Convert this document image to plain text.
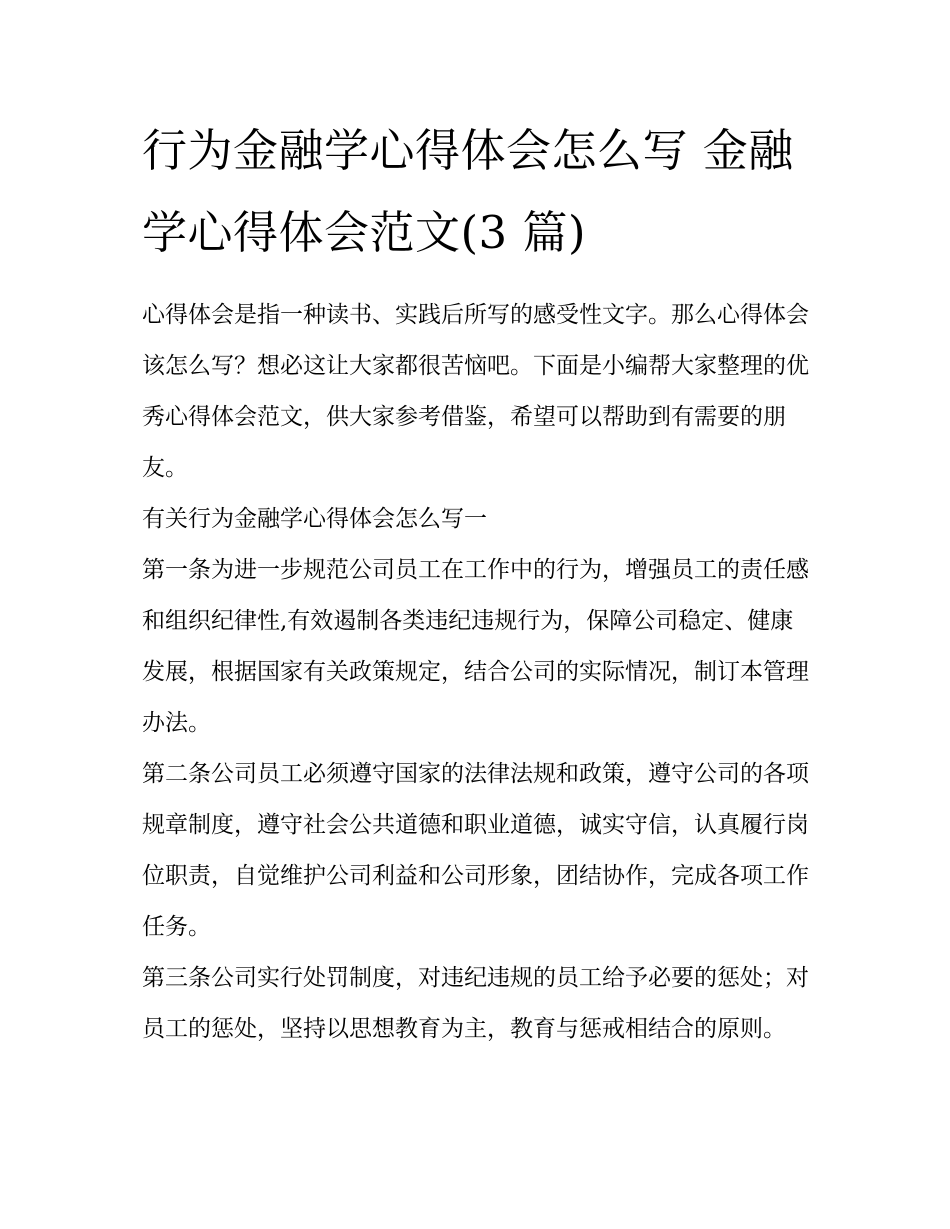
行为金融学心得体会怎么写 金融学心得体会范文(3 篇)

心得体会是指一种读书、实践后所写的感受性文字。那么心得体会该怎么写？想必这让大家都很苦恼吧。下面是小编帮大家整理的优秀心得体会范文，供大家参考借鉴，希望可以帮助到有需要的朋友。

有关行为金融学心得体会怎么写一

第一条为进一步规范公司员工在工作中的行为，增强员工的责任感和组织纪律性,有效遏制各类违纪违规行为，保障公司稳定、健康发展，根据国家有关政策规定，结合公司的实际情况，制订本管理办法。

第二条公司员工必须遵守国家的法律法规和政策，遵守公司的各项规章制度，遵守社会公共道德和职业道德，诚实守信，认真履行岗位职责，自觉维护公司利益和公司形象，团结协作，完成各项工作任务。

第三条公司实行处罚制度，对违纪违规的员工给予必要的惩处；对员工的惩处，坚持以思想教育为主，教育与惩戒相结合的原则。
